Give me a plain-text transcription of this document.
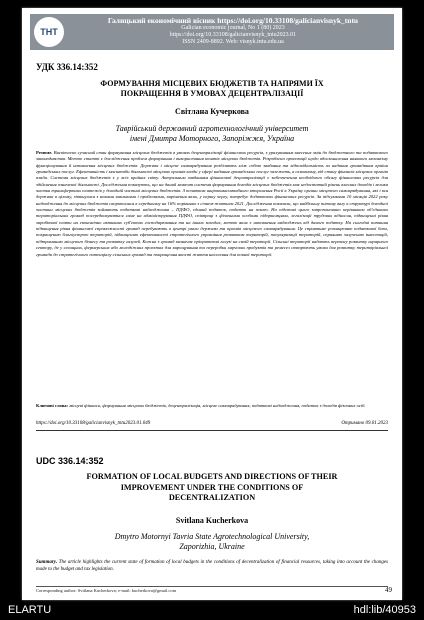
ТНТ
Галицький економічний вісник https://doi.org/10.33108/galicianvisnyk_tntu
Galician economic journal, No 1 (80) 2023
https://doi.org/10.33108/galicianvisnyk_tntu2023.01
ISSN 2409-8892. Web: visnyk.tntu.edu.ua
УДК 336.14:352
ФОРМУВАННЯ МІСЦЕВИХ БЮДЖЕТІВ ТА НАПРЯМИ ЇХ
ПОКРАЩЕННЯ В УМОВАХ ДЕЦЕНТРАЛІЗАЦІЇ
Світлана Кучеркова
Таврійський державний агротехнологічний університет
імені Дмитра Моторного, Запоріжжя, Україна
Резюме. Висвітлено сучасний стан формування місцевих бюджетів в умовах децентралізації фінансових ресурсів, з урахуванням внесених змін до бюджетного та податкового законодавства. Метою статті є дослідження проблем формування і використання коштів місцевих бюджетів. Розроблено пропозиції щодо вдосконалення наявного механізму функціонування й наповнення місцевих бюджетів. Держава і місцеве самоврядування розділяють між собою завдання та відповідальність за надання громадянам країни громадських послуг. Ефективність і масштаби діяльності місцевих органів влади у сфері надання громадських послуг залежать, в основному, від стану фінансів місцевих органів влади. Система місцевих бюджетів є у всіх країнах світу. Актуальним завданням фінансової децентралізації є забезпечення необхідного обсягу фінансових ресурсів для здійснення означеної діяльності. Дослідження показують, що на даний момент система формування доходів місцевих бюджетів має недостатній рівень власних доходів і велика частка трансфертних платежів у доходній частині місцевих бюджетів. З початком широкомасштабного вторгнення Росії в Україну органи місцевого самоврядування, які і вся держава в цілому, зіткнулися з новими викликами і проблемами, вирішення яких, у першу чергу, потребує додаткових фінансових ресурсів. За підсумками 10 місяців 2022 року надходження до місцевих бюджетів скоротилися в середньому на 16% порівняно з січнем-жовтнем 2021. Дослідження показали, що найбільшу питому вагу в структурі доходної частини місцевих бюджетів займають податкові надходження – ПДФО, єдиний податок, податок на землю. На підставі цього запропоновано керівникам об'єднаних територіальних громад посередковуватися саме на адміністрування ПДФО, співпраці з фізичними особами підприємцями, легалізації трудових відносин, підвищенні рівня заробітної плати на економічно активних суб'єктах господарювання та на інших заходах, метою яких є наповнення надходжень від даного податку. На сьогодні питання підвищення рівня фінансової спроможності громад перебувають в центрі уваги держави та органів місцевого самоврядування. Це сприятиме розширенню податкової бази, покращенню благоустрою територій, підвищенню ефективності стратегічного управління розвитком територій, популяризації територій, сприянню залученню інвестицій, підтриманню місцевого бізнесу та розвитку галузей. Кожна з громад визначає пріоритетні галузі на своїй території. Сільські території надають перевагу розвитку аграрного сектору, де у селищних, фермерських або молодіжних проєктах для вирощування та переробки харчових продуктів та ремесел створюють умови для розвитку територіальної громади до стратегічного потенціалу сільських громад та покращення якості життя населення для повної території.
Ключові слова: місцеві фінанси, формування місцевих бюджетів, децентралізація, місцеве самоврядування, податкові надходження, податок з доходів фізичних осіб.
https://doi.org/10.33108/galicianvisnyk_tntu2023.01.049	Отримано 09.01.2023
UDC 336.14:352
FORMATION OF LOCAL BUDGETS AND DIRECTIONS OF THEIR
IMPROVEMENT UNDER THE CONDITIONS OF
DECENTRALIZATION
Svitlana Kucherkova
Dmytro Motornyi Tavria State Agrotechnological University,
Zaporizhia, Ukraine
Summary. The article highlights the current state of formation of local budgets in the conditions of decentralization of financial resources, taking into account the changes made to the budget and tax legislation.
Corresponding author: Svitlana Kucherkova; e-mail: kucherkova@gmail.com	49
ELARTU	hdl:lib/40953
